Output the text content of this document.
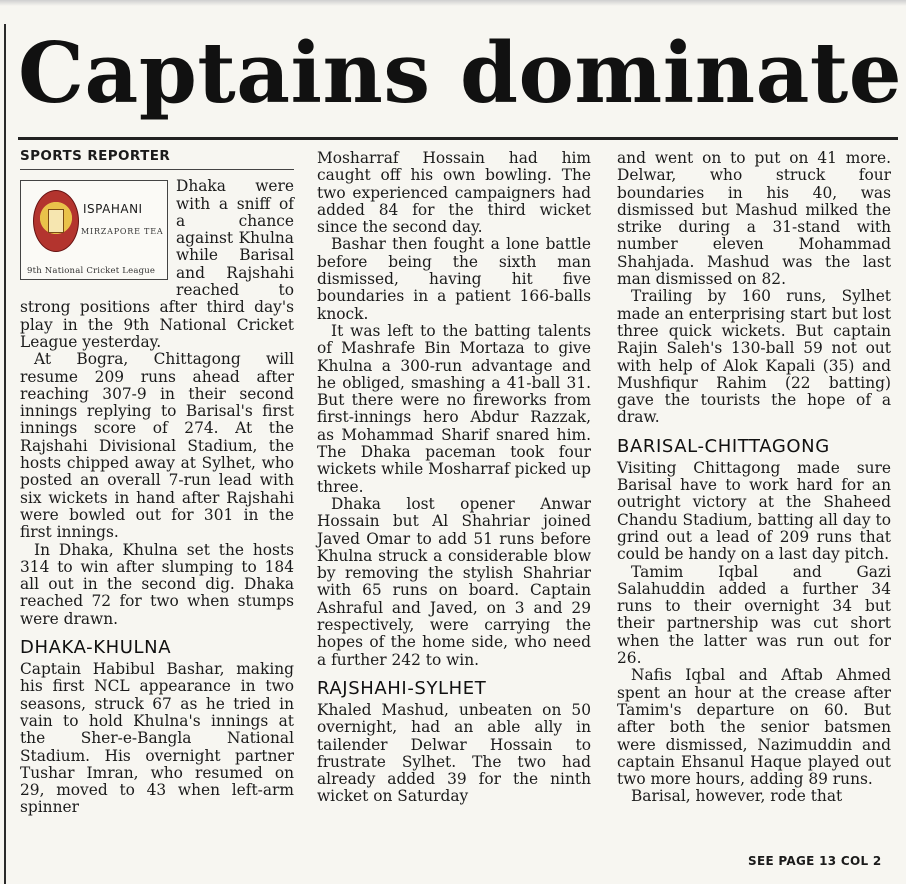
Captains dominate
SPORTS REPORTER
ISPAHANI
MIRZAPORE TEA
9th National Cricket League

Dhaka were with a sniff of a chance against Khulna while Barisal and Rajshahi reached to strong positions after third day's play in the 9th National Cricket League yesterday.

At Bogra, Chittagong will resume 209 runs ahead after reaching 307-9 in their second innings replying to Barisal's first innings score of 274. At the Rajshahi Divisional Stadium, the hosts chipped away at Sylhet, who posted an overall 7-run lead with six wickets in hand after Rajshahi were bowled out for 301 in the first innings.

In Dhaka, Khulna set the hosts 314 to win after slumping to 184 all out in the second dig. Dhaka reached 72 for two when stumps were drawn.

DHAKA-KHULNA

Captain Habibul Bashar, making his first NCL appearance in two seasons, struck 67 as he tried in vain to hold Khulna's innings at the Sher-e-Bangla National Stadium. His overnight partner Tushar Imran, who resumed on 29, moved to 43 when left-arm spinner

Mosharraf Hossain had him caught off his own bowling. The two experienced campaigners had added 84 for the third wicket since the second day.

Bashar then fought a lone battle before being the sixth man dismissed, having hit five boundaries in a patient 166-balls knock.

It was left to the batting talents of Mashrafe Bin Mortaza to give Khulna a 300-run advantage and he obliged, smashing a 41-ball 31. But there were no fireworks from first-innings hero Abdur Razzak, as Mohammad Sharif snared him. The Dhaka paceman took four wickets while Mosharraf picked up three.

Dhaka lost opener Anwar Hossain but Al Shahriar joined Javed Omar to add 51 runs before Khulna struck a considerable blow by removing the stylish Shahriar with 65 runs on board. Captain Ashraful and Javed, on 3 and 29 respectively, were carrying the hopes of the home side, who need a further 242 to win.

RAJSHAHI-SYLHET

Khaled Mashud, unbeaten on 50 overnight, had an able ally in tailender Delwar Hossain to frustrate Sylhet. The two had already added 39 for the ninth wicket on Saturday

and went on to put on 41 more. Delwar, who struck four boundaries in his 40, was dismissed but Mashud milked the strike during a 31-stand with number eleven Mohammad Shahjada. Mashud was the last man dismissed on 82.

Trailing by 160 runs, Sylhet made an enterprising start but lost three quick wickets. But captain Rajin Saleh's 130-ball 59 not out with help of Alok Kapali (35) and Mushfiqur Rahim (22 batting) gave the tourists the hope of a draw.

BARISAL-CHITTAGONG

Visiting Chittagong made sure Barisal have to work hard for an outright victory at the Shaheed Chandu Stadium, batting all day to grind out a lead of 209 runs that could be handy on a last day pitch.

Tamim Iqbal and Gazi Salahuddin added a further 34 runs to their overnight 34 but their partnership was cut short when the latter was run out for 26.

Nafis Iqbal and Aftab Ahmed spent an hour at the crease after Tamim's departure on 60. But after both the senior batsmen were dismissed, Nazimuddin and captain Ehsanul Haque played out two more hours, adding 89 runs.

Barisal, however, rode that

SEE PAGE 13 COL 2
